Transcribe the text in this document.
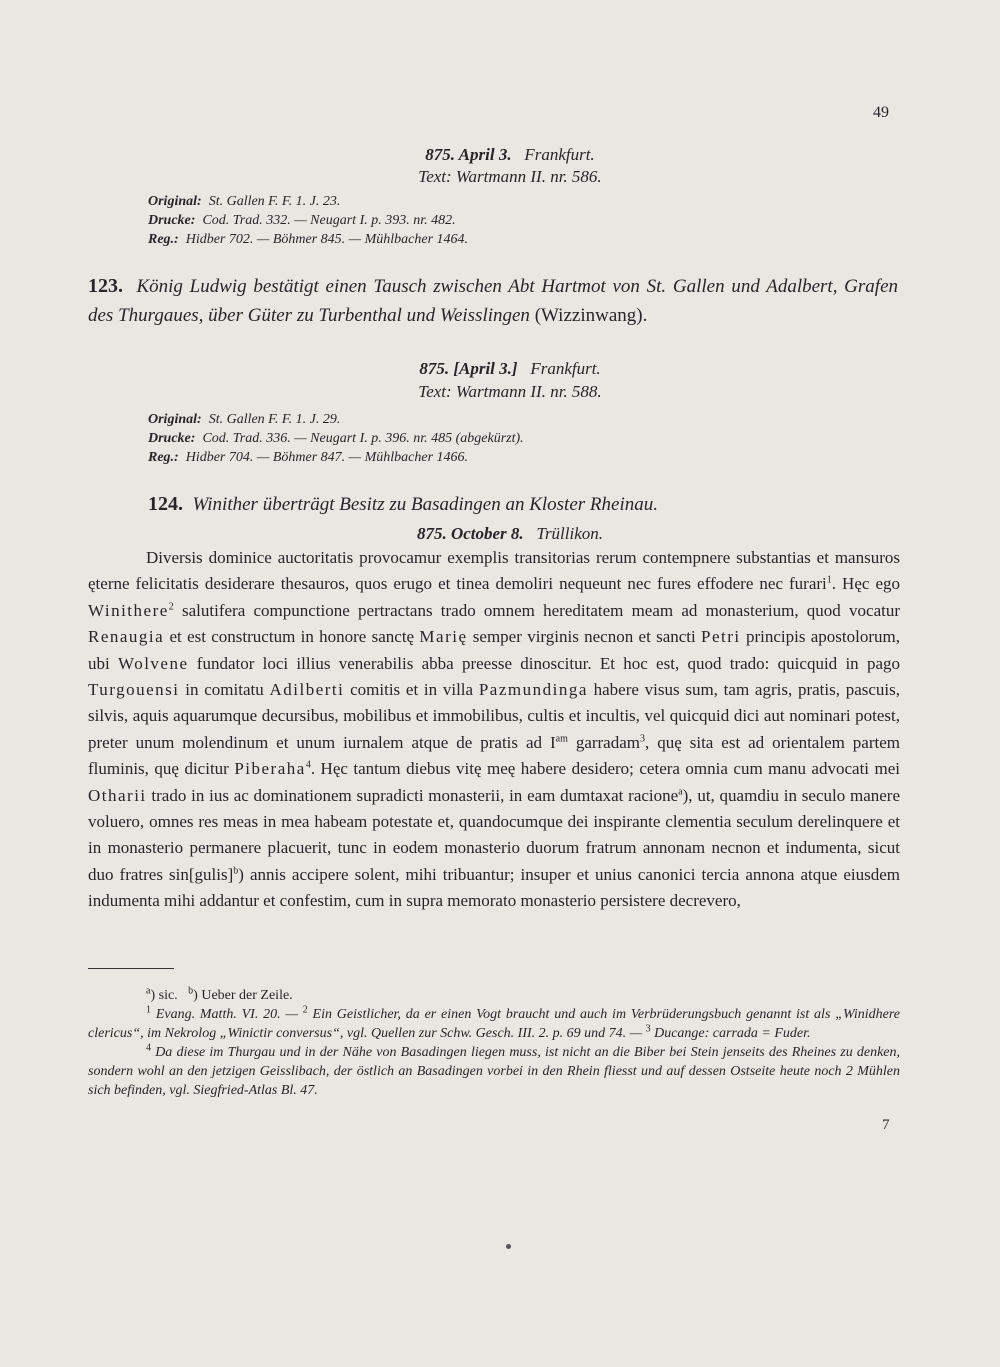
49
875. April 3. Frankfurt.
Text: Wartmann II. nr. 586.
Original: St. Gallen F. F. 1. J. 23.
Drucke: Cod. Trad. 332. — Neugart I. p. 393. nr. 482.
Reg.: Hidber 702. — Böhmer 845. — Mühlbacher 1464.
123. König Ludwig bestätigt einen Tausch zwischen Abt Hartmot von St. Gallen und Adalbert, Grafen des Thurgaues, über Güter zu Turbenthal und Weisslingen (Wizzinwang).
875. [April 3.] Frankfurt.
Text: Wartmann II. nr. 588.
Original: St. Gallen F. F. 1. J. 29.
Drucke: Cod. Trad. 336. — Neugart I. p. 396. nr. 485 (abgekürzt).
Reg.: Hidber 704. — Böhmer 847. — Mühlbacher 1466.
124. Winither überträgt Besitz zu Basadingen an Kloster Rheinau.
875. October 8. Trüllikon.

Diversis dominice auctoritatis provocamur exemplis transitorias rerum contempnere substantias et mansuros ęterne felicitatis desiderare thesauros, quos erugo et tinea demoliri nequeunt nec fures effodere nec furari$^1$. Hęc ego Winithere$^2$ salutifera compunctione pertractans trado omnem hereditatem meam ad monasterium, quod vocatur Renaugia et est constructum in honore sanctę Marię semper virginis necnon et sancti Petri principis apostolorum, ubi Wolvene fundator loci illius venerabilis abba preesse dinoscitur. Et hoc est, quod trado: quicquid in pago Turgouensi in comitatu Adilberti comitis et in villa Pazmundinga habere visus sum, tam agris, pratis, pascuis, silvis, aquis aquarumque decursibus, mobilibus et immobilibus, cultis et incultis, vel quicquid dici aut nominari potest, preter unum molendinum et unum iurnalem atque de pratis ad $I^{am}$ garradam$^3$, quę sita est ad orientalem partem fluminis, quę dicitur Piberaha$^4$. Hęc tantum diebus vitę meę habere desidero; cetera omnia cum manu advocati mei Otharii trado in ius ac dominationem supradicti monasterii, in eam dumtaxat racione$^a$), ut, quamdiu in seculo manere voluero, omnes res meas in mea habeam potestate et, quandocumque dei inspirante clementia seculum derelinquere et in monasterio permanere placuerit, tunc in eodem monasterio duorum fratrum annonam necnon et indumenta, sicut duo fratres sin[gulis]$^b$) annis accipere solent, mihi tribuantur; insuper et unius canonici tercia annona atque eiusdem indumenta mihi addantur et confestim, cum in supra memorato monasterio persistere decrevero,

$^a$) sic. $^b$) Ueber der Zeile.

$^1$ Evang. Matth. VI. 20. — $^2$ Ein Geistlicher, da er einen Vogt braucht und auch im Verbrüderungsbuch genannt ist als „Winidhere clericus“, im Nekrolog „Winictir conversus“, vgl. Quellen zur Schw. Gesch. III. 2. p. 69 und 74. — $^3$ Ducange: carrada = Fuder.

$^4$ Da diese im Thurgau und in der Nähe von Basadingen liegen muss, ist nicht an die Biber bei Stein jenseits des Rheines zu denken, sondern wohl an den jetzigen Geisslibach, der östlich an Basadingen vorbei in den Rhein fliesst und auf dessen Ostseite heute noch 2 Mühlen sich befinden, vgl. Siegfried-Atlas Bl. 47.

7
